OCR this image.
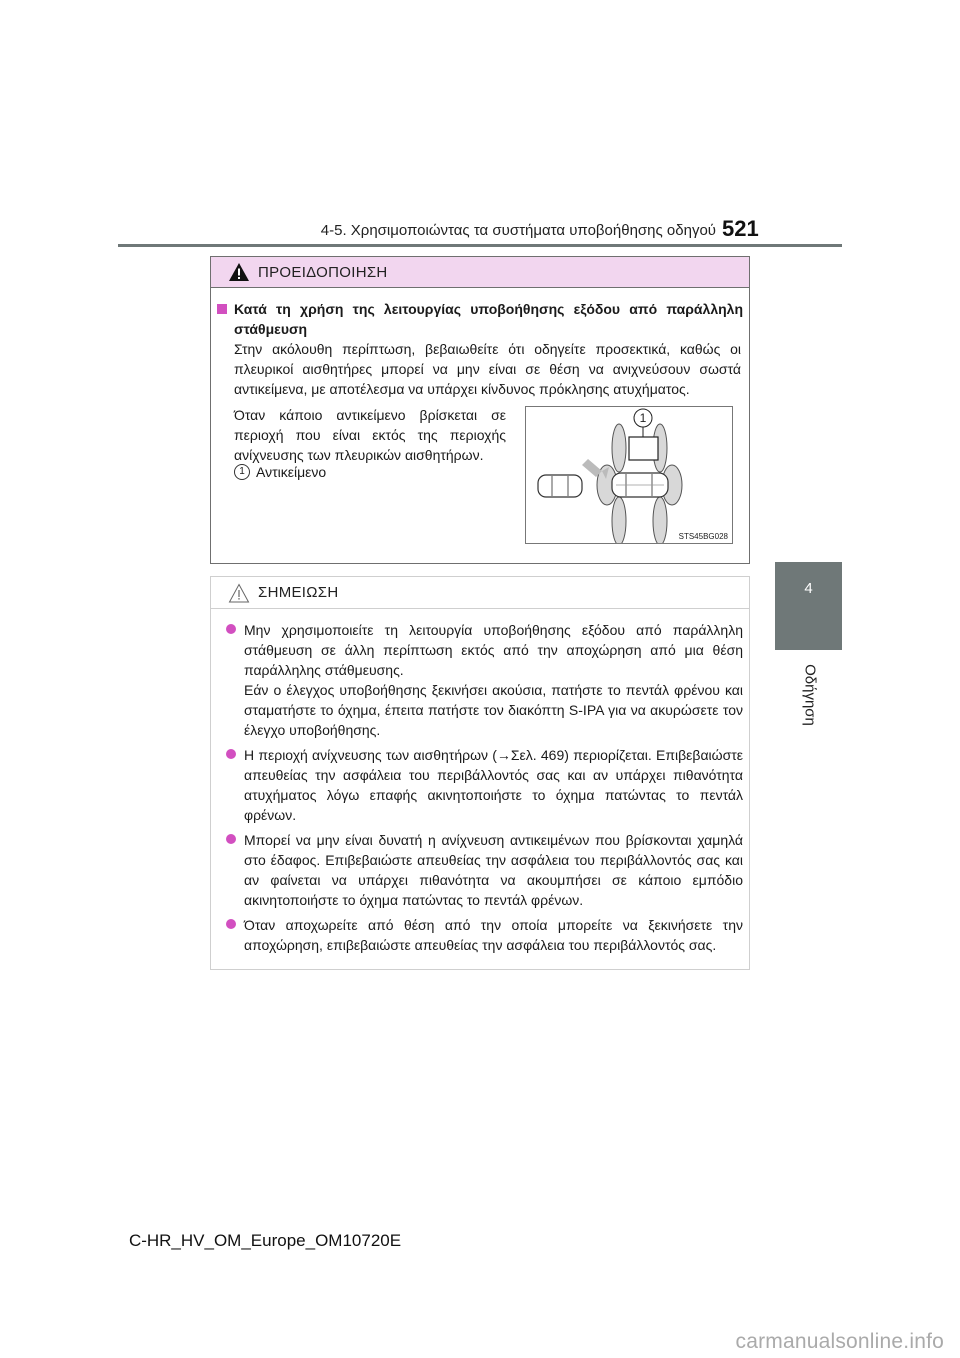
4-5. Χρησιμοποιώντας τα συστήματα υποβοήθησης οδηγού 521
4
Οδήγηση
ΠΡΟΕΙΔΟΠΟΙΗΣΗ
Κατά τη χρήση της λειτουργίας υποβοήθησης εξόδου από παράλληλη στάθμευση
Στην ακόλουθη περίπτωση, βεβαιωθείτε ότι οδηγείτε προσεκτικά, καθώς οι πλευρικοί αισθητήρες μπορεί να μην είναι σε θέση να ανιχνεύσουν σωστά αντικείμενα, με αποτέλεσμα να υπάρχει κίνδυνος πρόκλησης ατυχήματος.
Όταν κάποιο αντικείμενο βρίσκεται σε περιοχή που είναι εκτός της περιοχής ανίχνευσης των πλευρικών αισθητήρων.
1 Αντικείμενο
1
STS45BG028
ΣΗΜΕΙΩΣΗ

Μην χρησιμοποιείτε τη λειτουργία υποβοήθησης εξόδου από παράλληλη στάθμευση σε άλλη περίπτωση εκτός από την αποχώρηση από μια θέση παράλληλης στάθμευσης.

Εάν ο έλεγχος υποβοήθησης ξεκινήσει ακούσια, πατήστε το πεντάλ φρένου και σταματήστε το όχημα, έπειτα πατήστε τον διακόπτη S-IPA για να ακυρώσετε τον έλεγχο υποβοήθησης.

Η περιοχή ανίχνευσης των αισθητήρων (→Σελ. 469) περιορίζεται. Επιβεβαιώστε απευθείας την ασφάλεια του περιβάλλοντός σας και αν υπάρχει πιθανότητα ατυχήματος λόγω επαφής ακινητοποιήστε το όχημα πατώντας το πεντάλ φρένων.

Μπορεί να μην είναι δυνατή η ανίχνευση αντικειμένων που βρίσκονται χαμηλά στο έδαφος. Επιβεβαιώστε απευθείας την ασφάλεια του περιβάλλοντός σας και αν φαίνεται να υπάρχει πιθανότητα να ακουμπήσει σε κάποιο εμπόδιο ακινητοποιήστε το όχημα πατώντας το πεντάλ φρένων.

Όταν αποχωρείτε από θέση από την οποία μπορείτε να ξεκινήσετε την αποχώρηση, επιβεβαιώστε απευθείας την ασφάλεια του περιβάλλοντός σας.

C-HR_HV_OM_Europe_OM10720E
carmanualsonline.info
